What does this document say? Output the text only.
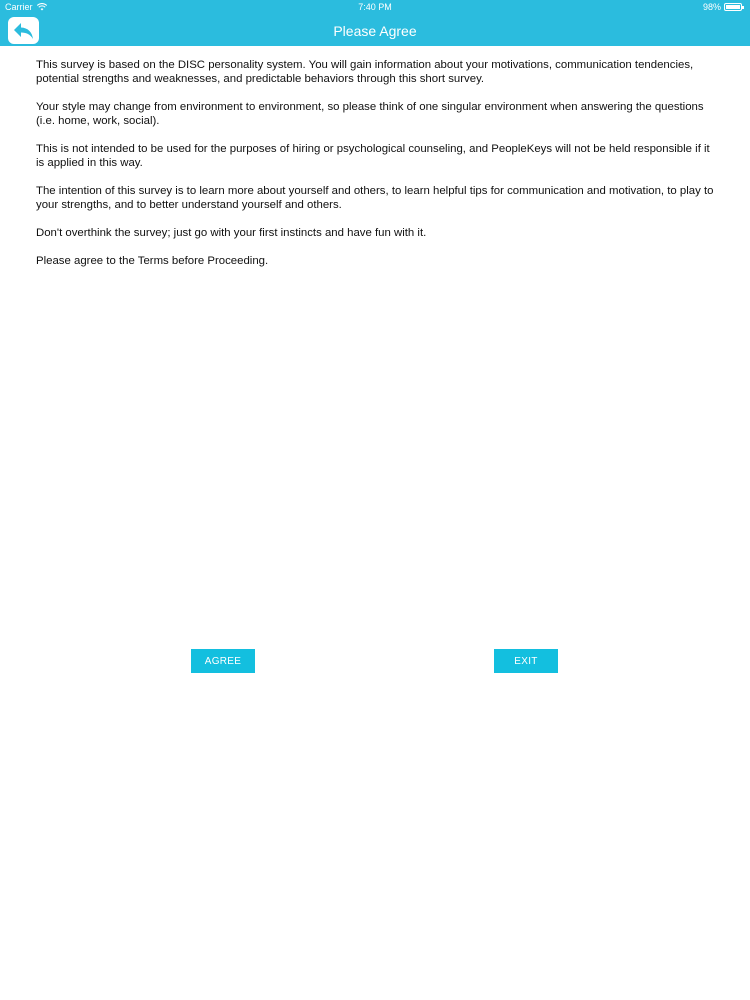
Carrier	7:40 PM	98%
Please Agree

This survey is based on the DISC personality system. You will gain information about your motivations, communication tendencies, potential strengths and weaknesses, and predictable behaviors through this short survey.

Your style may change from environment to environment, so please think of one singular environment when answering the questions (i.e. home, work, social).

This is not intended to be used for the purposes of hiring or psychological counseling, and PeopleKeys will not be held responsible if it is applied in this way.

The intention of this survey is to learn more about yourself and others, to learn helpful tips for communication and motivation, to play to your strengths, and to better understand yourself and others.

Don't overthink the survey; just go with your first instincts and have fun with it.

Please agree to the Terms before Proceeding.

AGREE	EXIT
